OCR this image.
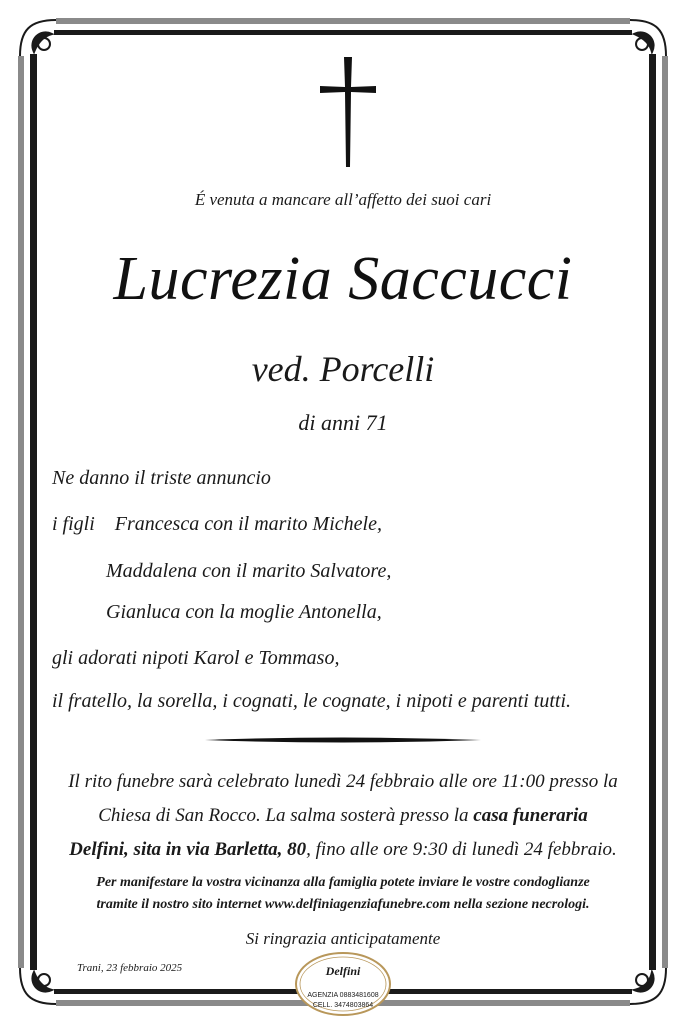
É venuta a mancare all’affetto dei suoi cari
Lucrezia Saccucci
ved. Porcelli
di anni 71
Ne danno il triste annuncio
i figli Francesca con il marito Michele,
Maddalena con il marito Salvatore,
Gianluca con la moglie Antonella,
gli adorati nipoti Karol e Tommaso,
il fratello, la sorella, i cognati, le cognate, i nipoti e parenti tutti.
Il rito funebre sarà celebrato lunedì 24 febbraio alle ore 11:00 presso la
Chiesa di San Rocco. La salma sosterà presso la casa funeraria
Delfini, sita in via Barletta, 80, fino alle ore 9:30 di lunedì 24 febbraio.
Per manifestare la vostra vicinanza alla famiglia potete inviare le vostre condoglianze
tramite il nostro sito internet www.delfiniagenziafunebre.com nella sezione necrologi.
Si ringrazia anticipatamente
Trani, 23 febbraio 2025	Delfini
AGENZIA 0883481608
CELL. 3474803864
